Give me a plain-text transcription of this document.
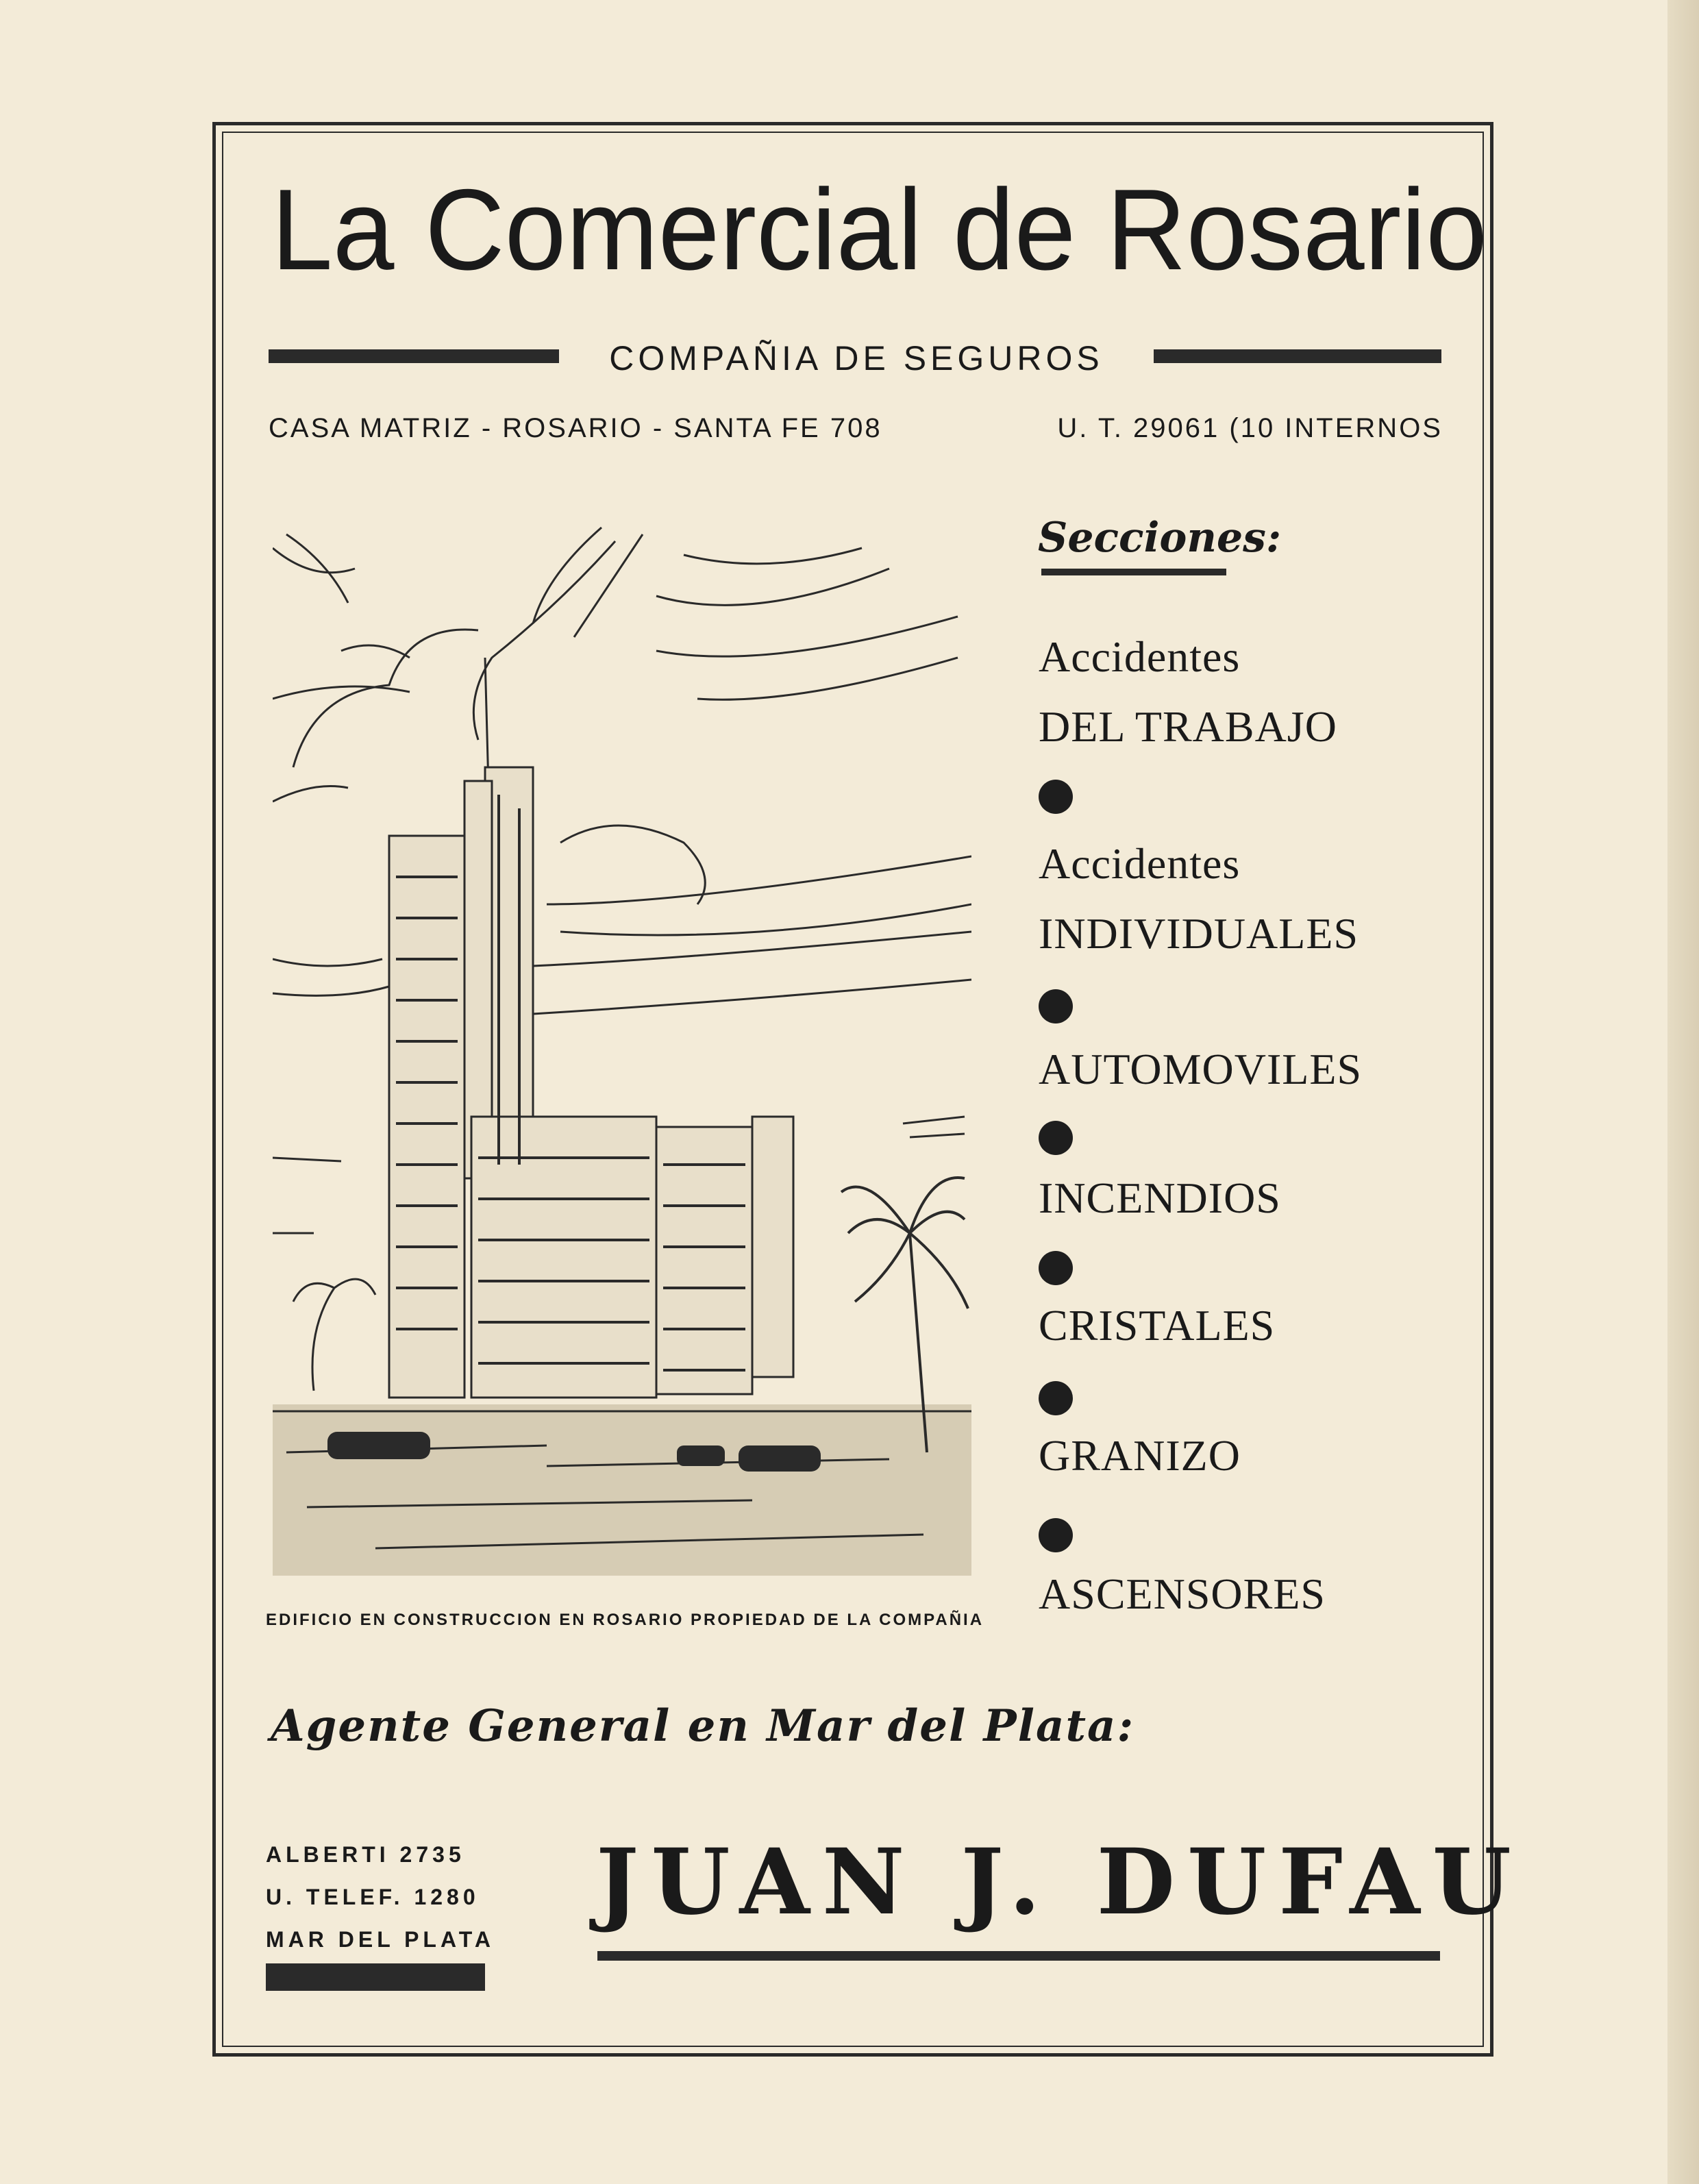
La Comercial de Rosario
COMPAÑIA DE SEGUROS
CASA MATRIZ - ROSARIO - SANTA FE 708	U. T. 29061 (10 INTERNOS
EDIFICIO EN CONSTRUCCION EN ROSARIO PROPIEDAD DE LA COMPAÑIA
Secciones:
Accidentes
DEL TRABAJO
Accidentes
INDIVIDUALES
AUTOMOVILES
INCENDIOS
CRISTALES
GRANIZO
ASCENSORES
Agente General en Mar del Plata:
ALBERTI 2735
U. TELEF. 1280
MAR DEL PLATA
JUAN J. DUFAU
